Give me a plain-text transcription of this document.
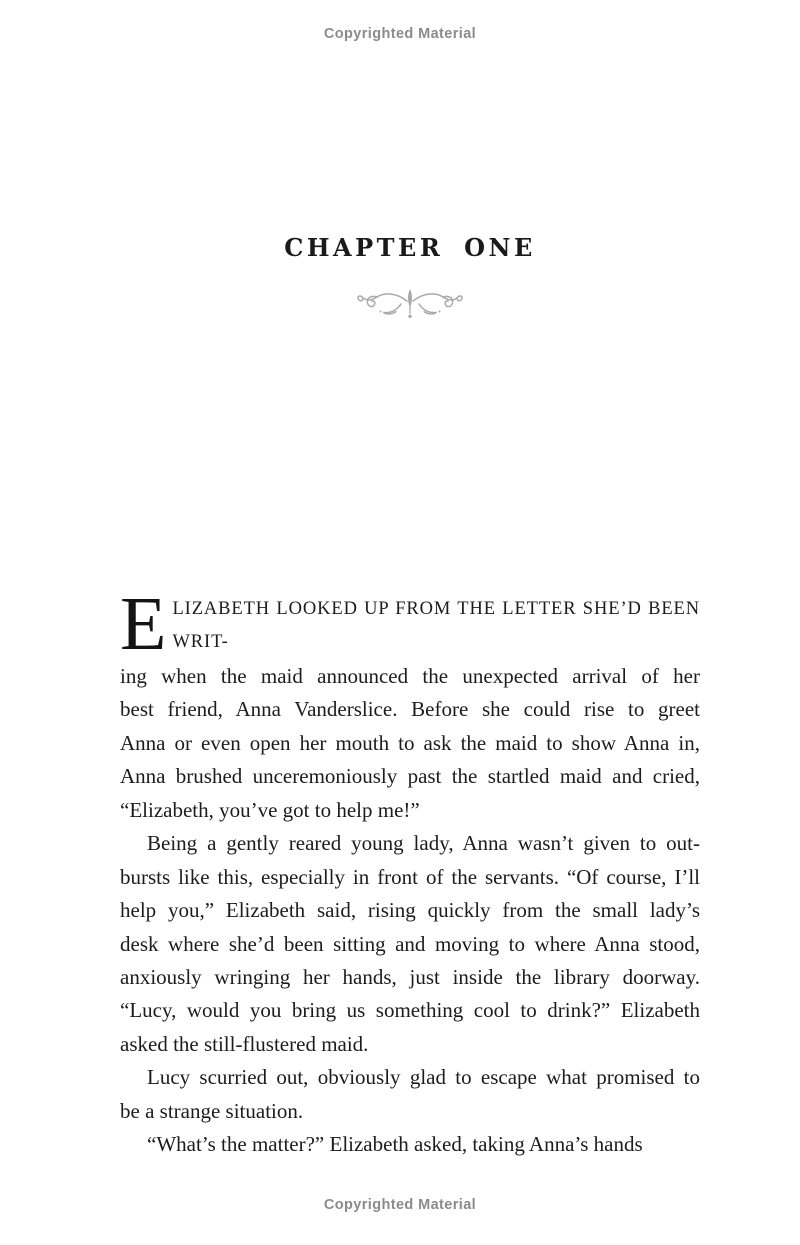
Copyrighted Material
CHAPTER ONE
E LIZABETH LOOKED UP FROM THE LETTER SHE’D BEEN WRIT-
ing when the maid announced the unexpected arrival of her
best friend, Anna Vanderslice. Before she could rise to greet
Anna or even open her mouth to ask the maid to show Anna in,
Anna brushed unceremoniously past the startled maid and cried,
“Elizabeth, you’ve got to help me!”
Being a gently reared young lady, Anna wasn’t given to out-
bursts like this, especially in front of the servants. “Of course, I’ll
help you,” Elizabeth said, rising quickly from the small lady’s
desk where she’d been sitting and moving to where Anna stood,
anxiously wringing her hands, just inside the library doorway.
“Lucy, would you bring us something cool to drink?” Elizabeth
asked the still-flustered maid.
Lucy scurried out, obviously glad to escape what promised to
be a strange situation.
“What’s the matter?” Elizabeth asked, taking Anna’s hands
Copyrighted Material
